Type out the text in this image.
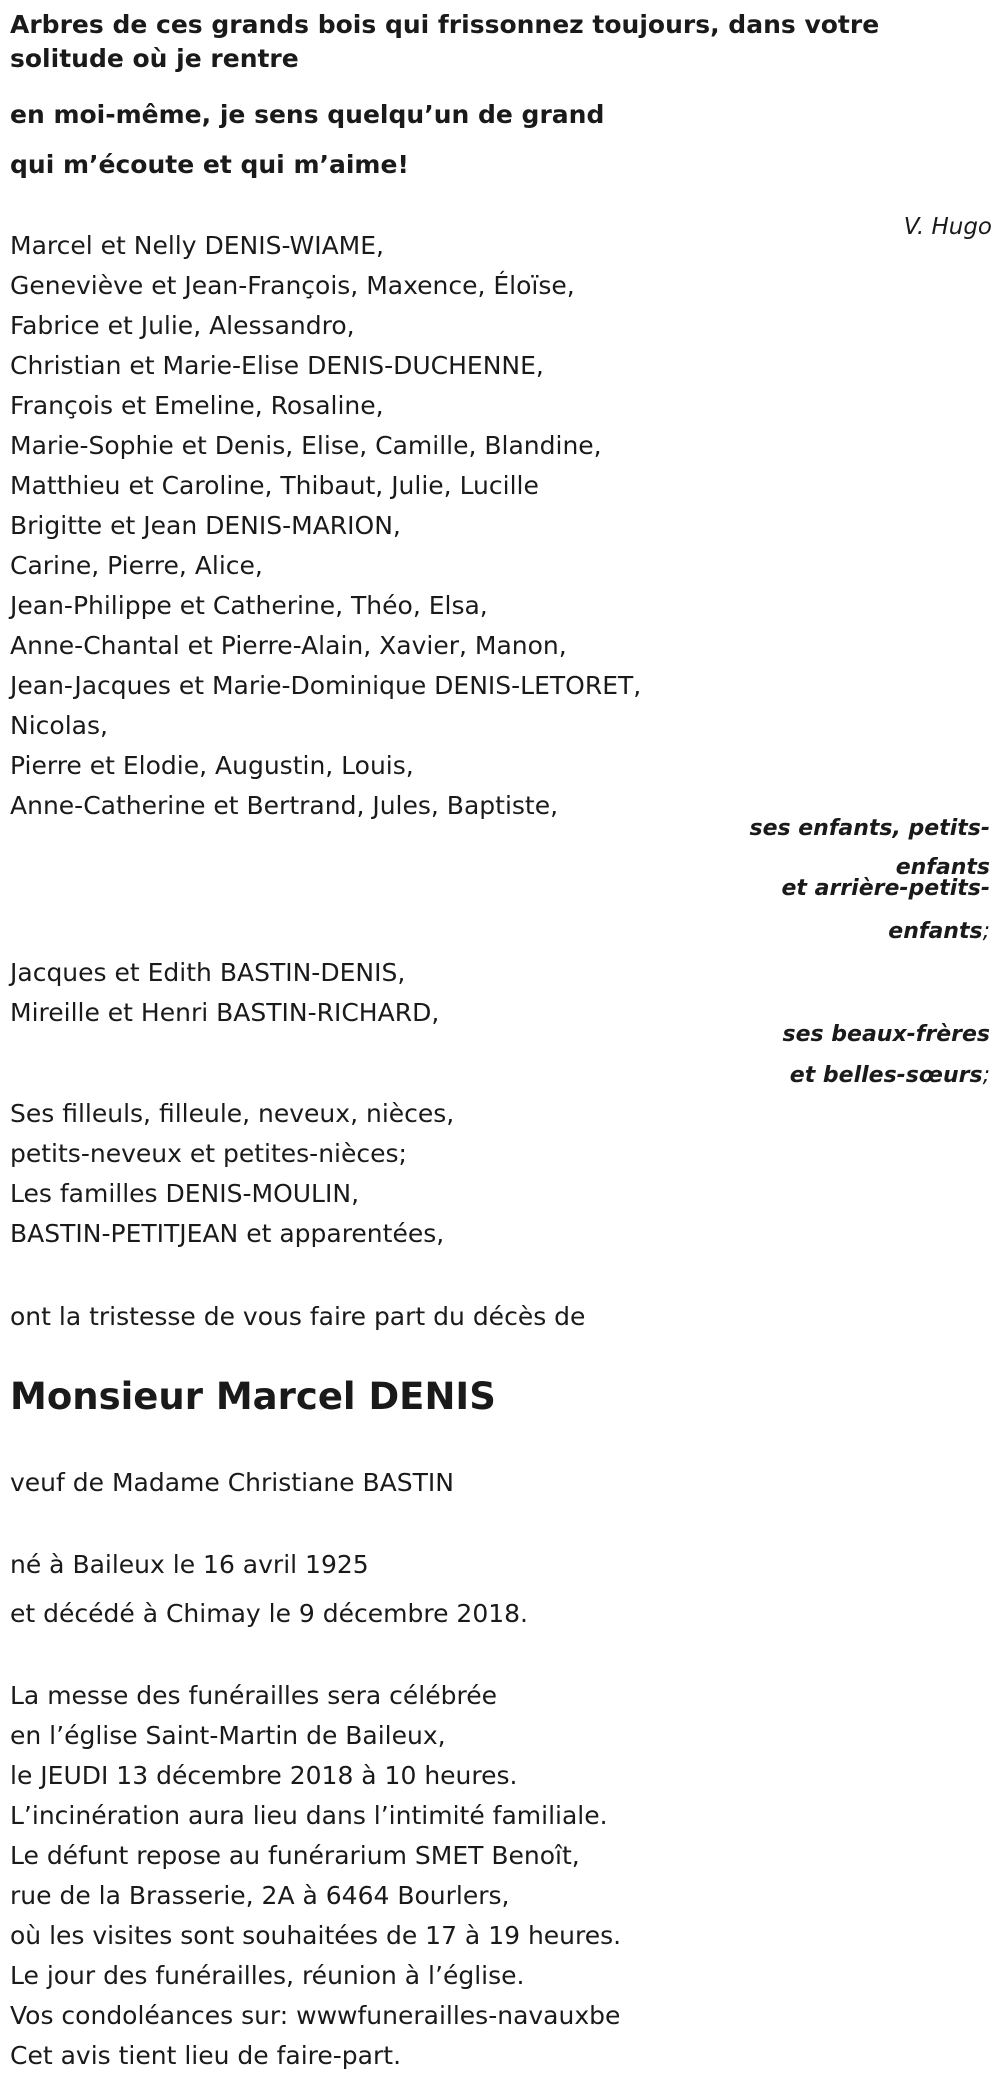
Arbres de ces grands bois qui frissonnez toujours, dans votre solitude où je rentre

en moi-même, je sens quelqu’un de grand

qui m’écoute et qui m’aime!

V. Hugo

Marcel et Nelly DENIS-WIAME,

Geneviève et Jean-François, Maxence, Éloïse,

Fabrice et Julie, Alessandro,

Christian et Marie-Elise DENIS-DUCHENNE,

François et Emeline, Rosaline,

Marie-Sophie et Denis, Elise, Camille, Blandine,

Matthieu et Caroline, Thibaut, Julie, Lucille

Brigitte et Jean DENIS-MARION,

Carine, Pierre, Alice,

Jean-Philippe et Catherine, Théo, Elsa,

Anne-Chantal et Pierre-Alain, Xavier, Manon,

Jean-Jacques et Marie-Dominique DENIS-LETORET,

Nicolas,

Pierre et Elodie, Augustin, Louis,

Anne-Catherine et Bertrand, Jules, Baptiste,

ses enfants, petits-

enfants

et arrière-petits-

enfants;

Jacques et Edith BASTIN-DENIS,

Mireille et Henri BASTIN-RICHARD,

ses beaux-frères

et belles-sœurs;

Ses filleuls, filleule, neveux, nièces,

petits-neveux et petites-nièces;

Les familles DENIS-MOULIN,

BASTIN-PETITJEAN et apparentées,

ont la tristesse de vous faire part du décès de

Monsieur Marcel DENIS

veuf de Madame Christiane BASTIN

né à Baileux le 16 avril 1925

et décédé à Chimay le 9 décembre 2018.

La messe des funérailles sera célébrée

en l’église Saint-Martin de Baileux,

le JEUDI 13 décembre 2018 à 10 heures.

L’incinération aura lieu dans l’intimité familiale.

Le défunt repose au funérarium SMET Benoît,

rue de la Brasserie, 2A à 6464 Bourlers,

où les visites sont souhaitées de 17 à 19 heures.

Le jour des funérailles, réunion à l’église.

Vos condoléances sur: wwwfunerailles-navauxbe

Cet avis tient lieu de faire-part.
